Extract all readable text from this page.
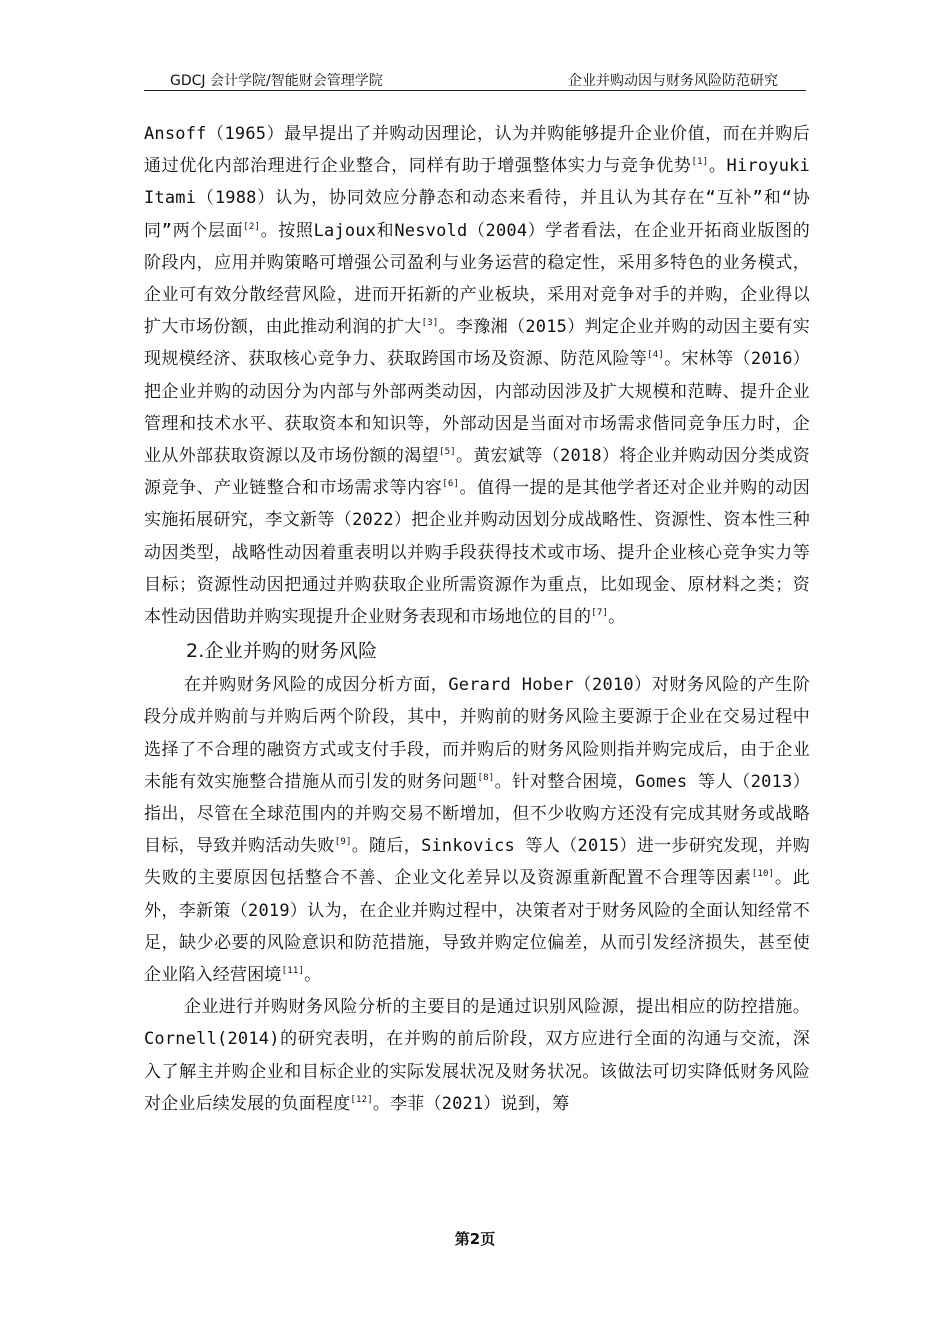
GDCJ 会计学院/智能财会管理学院	企业并购动因与财务风险防范研究

Ansoff（1965）最早提出了并购动因理论，认为并购能够提升企业价值，而在并购后通过优化内部治理进行企业整合，同样有助于增强整体实力与竞争优势[1]。Hiroyuki Itami（1988）认为，协同效应分静态和动态来看待，并且认为其存在“互补”和“协同”两个层面[2]。按照Lajoux和Nesvold（2004）学者看法，在企业开拓商业版图的阶段内，应用并购策略可增强公司盈利与业务运营的稳定性，采用多特色的业务模式，企业可有效分散经营风险，进而开拓新的产业板块，采用对竞争对手的并购，企业得以扩大市场份额，由此推动利润的扩大[3]。李豫湘（2015）判定企业并购的动因主要有实现规模经济、获取核心竞争力、获取跨国市场及资源、防范风险等[4]。宋林等（2016）把企业并购的动因分为内部与外部两类动因，内部动因涉及扩大规模和范畴、提升企业管理和技术水平、获取资本和知识等，外部动因是当面对市场需求偕同竞争压力时，企业从外部获取资源以及市场份额的渴望[5]。黄宏斌等（2018）将企业并购动因分类成资源竞争、产业链整合和市场需求等内容[6]。值得一提的是其他学者还对企业并购的动因实施拓展研究，李文新等（2022）把企业并购动因划分成战略性、资源性、资本性三种动因类型，战略性动因着重表明以并购手段获得技术或市场、提升企业核心竞争实力等目标；资源性动因把通过并购获取企业所需资源作为重点，比如现金、原材料之类；资本性动因借助并购实现提升企业财务表现和市场地位的目的[7]。

2.企业并购的财务风险

在并购财务风险的成因分析方面，Gerard Hober（2010）对财务风险的产生阶段分成并购前与并购后两个阶段，其中，并购前的财务风险主要源于企业在交易过程中选择了不合理的融资方式或支付手段，而并购后的财务风险则指并购完成后，由于企业未能有效实施整合措施从而引发的财务问题[8]。针对整合困境，Gomes 等人（2013）指出，尽管在全球范围内的并购交易不断增加，但不少收购方还没有完成其财务或战略目标，导致并购活动失败[9]。随后，Sinkovics 等人（2015）进一步研究发现，并购失败的主要原因包括整合不善、企业文化差异以及资源重新配置不合理等因素[10]。此外，李新策（2019）认为，在企业并购过程中，决策者对于财务风险的全面认知经常不足，缺少必要的风险意识和防范措施，导致并购定位偏差，从而引发经济损失，甚至使企业陷入经营困境[11]。

企业进行并购财务风险分析的主要目的是通过识别风险源，提出相应的防控措施。Cornell(2014)的研究表明，在并购的前后阶段，双方应进行全面的沟通与交流，深入了解主并购企业和目标企业的实际发展状况及财务状况。该做法可切实降低财务风险对企业后续发展的负面程度[12]。李菲（2021）说到，筹

第2页
